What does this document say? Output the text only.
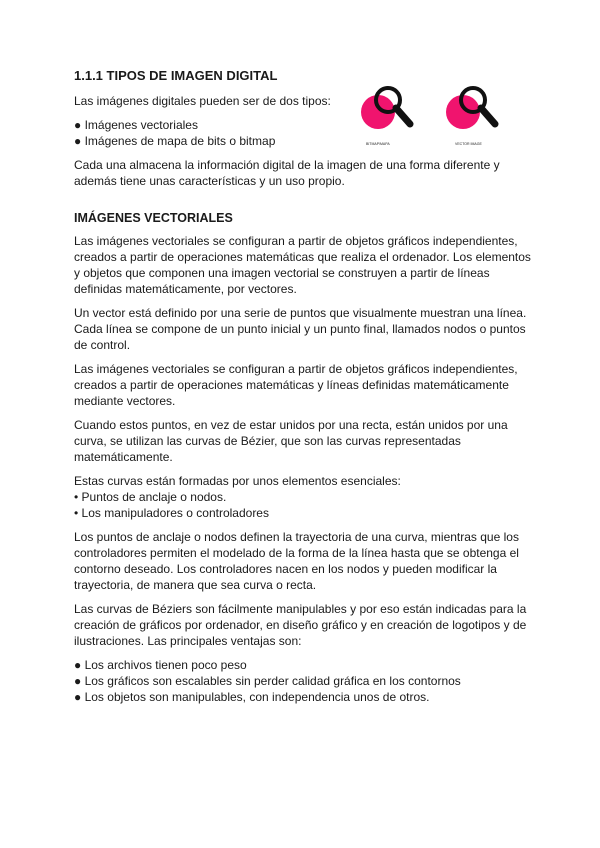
1.1.1 TIPOS DE IMAGEN DIGITAL

Las imágenes digitales pueden ser de dos tipos:

● Imágenes vectoriales

● Imágenes de mapa de bits o bitmap

Cada una almacena la información digital de la imagen de una forma diferente y además tiene unas características y un uso propio.

IMÁGENES VECTORIALES

Las imágenes vectoriales se configuran a partir de objetos gráficos independientes, creados a partir de operaciones matemáticas que realiza el ordenador. Los elementos y objetos que componen una imagen vectorial se construyen a partir de líneas definidas matemáticamente, por vectores.

Un vector está definido por una serie de puntos que visualmente muestran una línea. Cada línea se compone de un punto inicial y un punto final, llamados nodos o puntos de control.

Las imágenes vectoriales se configuran a partir de objetos gráficos independientes, creados a partir de operaciones matemáticas y líneas definidas matemáticamente mediante vectores.

Cuando estos puntos, en vez de estar unidos por una recta, están unidos por una curva, se utilizan las curvas de Bézier, que son las curvas representadas matemáticamente.

Estas curvas están formadas por unos elementos esenciales:

• Puntos de anclaje o nodos.

• Los manipuladores o controladores

Los puntos de anclaje o nodos definen la trayectoria de una curva, mientras que los controladores permiten el modelado de la forma de la línea hasta que se obtenga el contorno deseado. Los controladores nacen en los nodos y pueden modificar la trayectoria, de manera que sea curva o recta.

Las curvas de Béziers son fácilmente manipulables y por eso están indicadas para la creación de gráficos por ordenador, en diseño gráfico y en creación de logotipos y de ilustraciones. Las principales ventajas son:

● Los archivos tienen poco peso

● Los gráficos son escalables sin perder calidad gráfica en los contornos

● Los objetos son manipulables, con independencia unos de otros.

BITMAP/MAPA	VECTOR IMAGE
